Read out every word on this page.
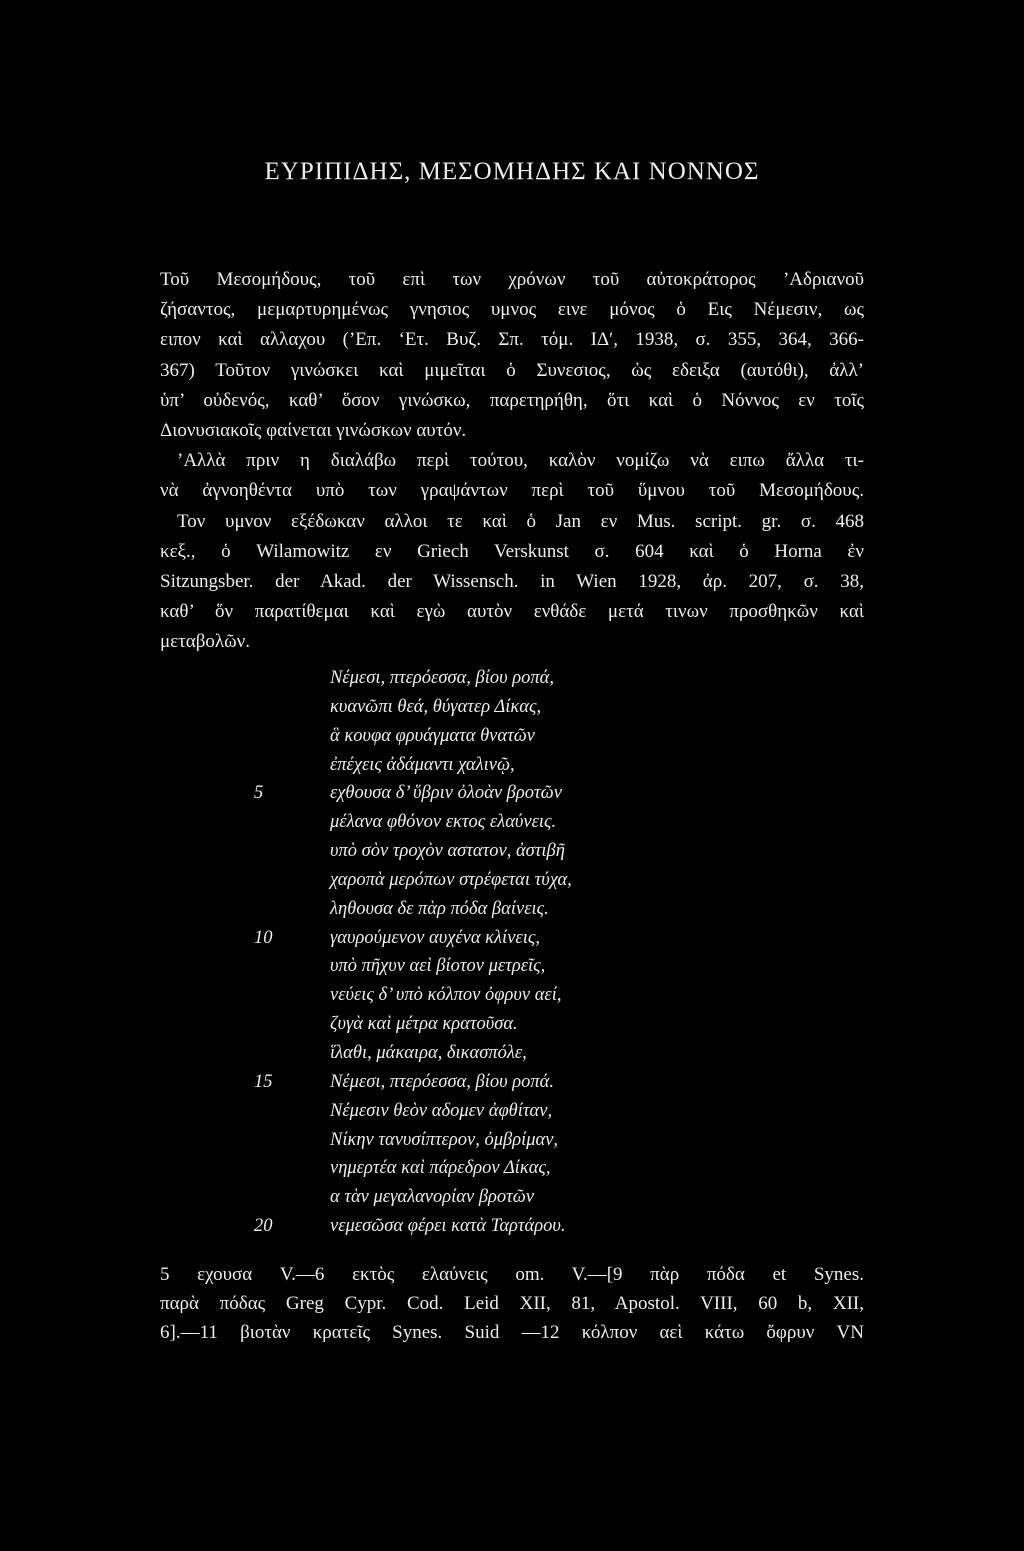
ΕΥΡΙΠΙΔΗΣ, ΜΕΣΟΜΗΔΗΣ ΚΑΙ ΝΟΝΝΟΣ
Τοῦ Μεσομήδους, τοῦ επὶ των χρόνων τοῦ αὐτοκράτορος ’Αδριανοῦ
ζήσαντος, μεμαρτυρημένως γνησιος υμνος εινε μόνος ὁ Εις Νέμεσιν, ως
ειπον καὶ αλλαχου (’Επ. ‘Ετ. Βυζ. Σπ. τόμ. ΙΔ′, 1938, σ. 355, 364, 366-
367) Τοῦτον γινώσκει καὶ μιμεῖται ὁ Συνεσιος, ὡς εδειξα (αυτόθι), ἀλλ’
ὑπ’ οὐδενός, καθ’ ὅσον γινώσκω, παρετηρήθη, ὅτι καὶ ὁ Νόννος εν τοῖς
Διονυσιακοῖς φαίνεται γινώσκων αυτόν.
’Αλλὰ πριν η διαλάβω περὶ τούτου, καλὸν νομίζω νὰ ειπω ἄλλα τι-
νὰ ἀγνοηθέντα υπὸ των γραψάντων περὶ τοῦ ὕμνου τοῦ Μεσομήδους.
Τον υμνον εξέδωκαν αλλοι τε καὶ ὁ Jan εν Mus. script. gr. σ. 468
κεξ., ὁ Wilamowitz εν Griech Verskunst σ. 604 καὶ ὁ Horna ἐν
Sitzungsber. der Akad. der Wissensch. in Wien 1928, ἀρ. 207, σ. 38,
καθ’ ὅν παρατίθεμαι καὶ εγὼ αυτὸν ενθάδε μετά τινων προσθηκῶν καὶ
μεταβολῶν.
Νέμεσι, πτερόεσσα, βίου ροπά,
κυανῶπι θεά, θύγατερ Δίκας,
ἃ κουφα φρυάγματα θνατῶν
ἐπέχεις ἀδάμαντι χαλινῷ,
5	εχθουσα δ’ ὕβριν ὀλοὰν βροτῶν
μέλανα φθόνον εκτος ελαύνεις.
υπὸ σὸν τροχὸν αστατον, ἀστιβῆ
χαροπὰ μερόπων στρέφεται τύχα,
ληθουσα δε πὰρ πόδα βαίνεις.
10	γαυρούμενον αυχένα κλίνεις,
υπὸ πῆχυν αεὶ βίοτον μετρεῖς,
νεύεις δ’ υπὸ κόλπον ὀφρυν αεί,
ζυγὰ καὶ μέτρα κρατοῦσα.
ἵλαθι, μάκαιρα, δικασπόλε,
15	Νέμεσι, πτερόεσσα, βίου ροπά.
Νέμεσιν θεὸν αδομεν ἀφθίταν,
Νίκην τανυσίπτερον, ὀμβρίμαν,
νημερτέα καὶ πάρεδρον Δίκας,
α τὰν μεγαλανορίαν βροτῶν
20	νεμεσῶσα φέρει κατὰ Ταρτάρου.
5 εχουσα V.—6 εκτὸς ελαύνεις om. V.—[9 πὰρ πόδα et Synes.
παρὰ πόδας Greg Cypr. Cod. Leid XII, 81, Apostol. VIII, 60 b, XII,
6].—11 βιοτὰν κρατεῖς Synes. Suid —12 κόλπον αεὶ κάτω ὄφρυν VN
